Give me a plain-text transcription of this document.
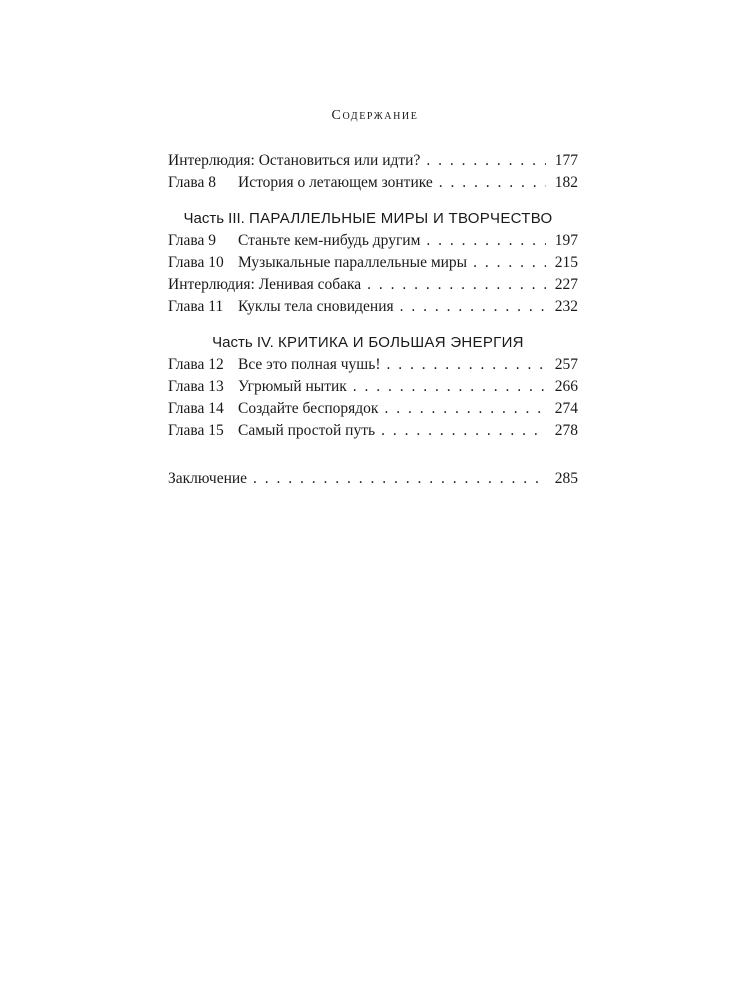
Содержание
Интерлюдия: Остановиться или идти? . . .	177
Глава 8 История о летающем зонтике . . .	182
Часть III. ПАРАЛЛЕЛЬНЫЕ МИРЫ И ТВОРЧЕСТВО
Глава 9 Станьте кем-нибудь другим . . .	197
Глава 10 Музыкальные параллельные миры . . .	215
Интерлюдия: Ленивая собака . . .	227
Глава 11 Куклы тела сновидения . . .	232
Часть IV. КРИТИКА И БОЛЬШАЯ ЭНЕРГИЯ
Глава 12 Все это полная чушь! . . .	257
Глава 13 Угрюмый нытик . . .	266
Глава 14 Создайте беспорядок . . .	274
Глава 15 Самый простой путь . . .	278
Заключение . . .	285
